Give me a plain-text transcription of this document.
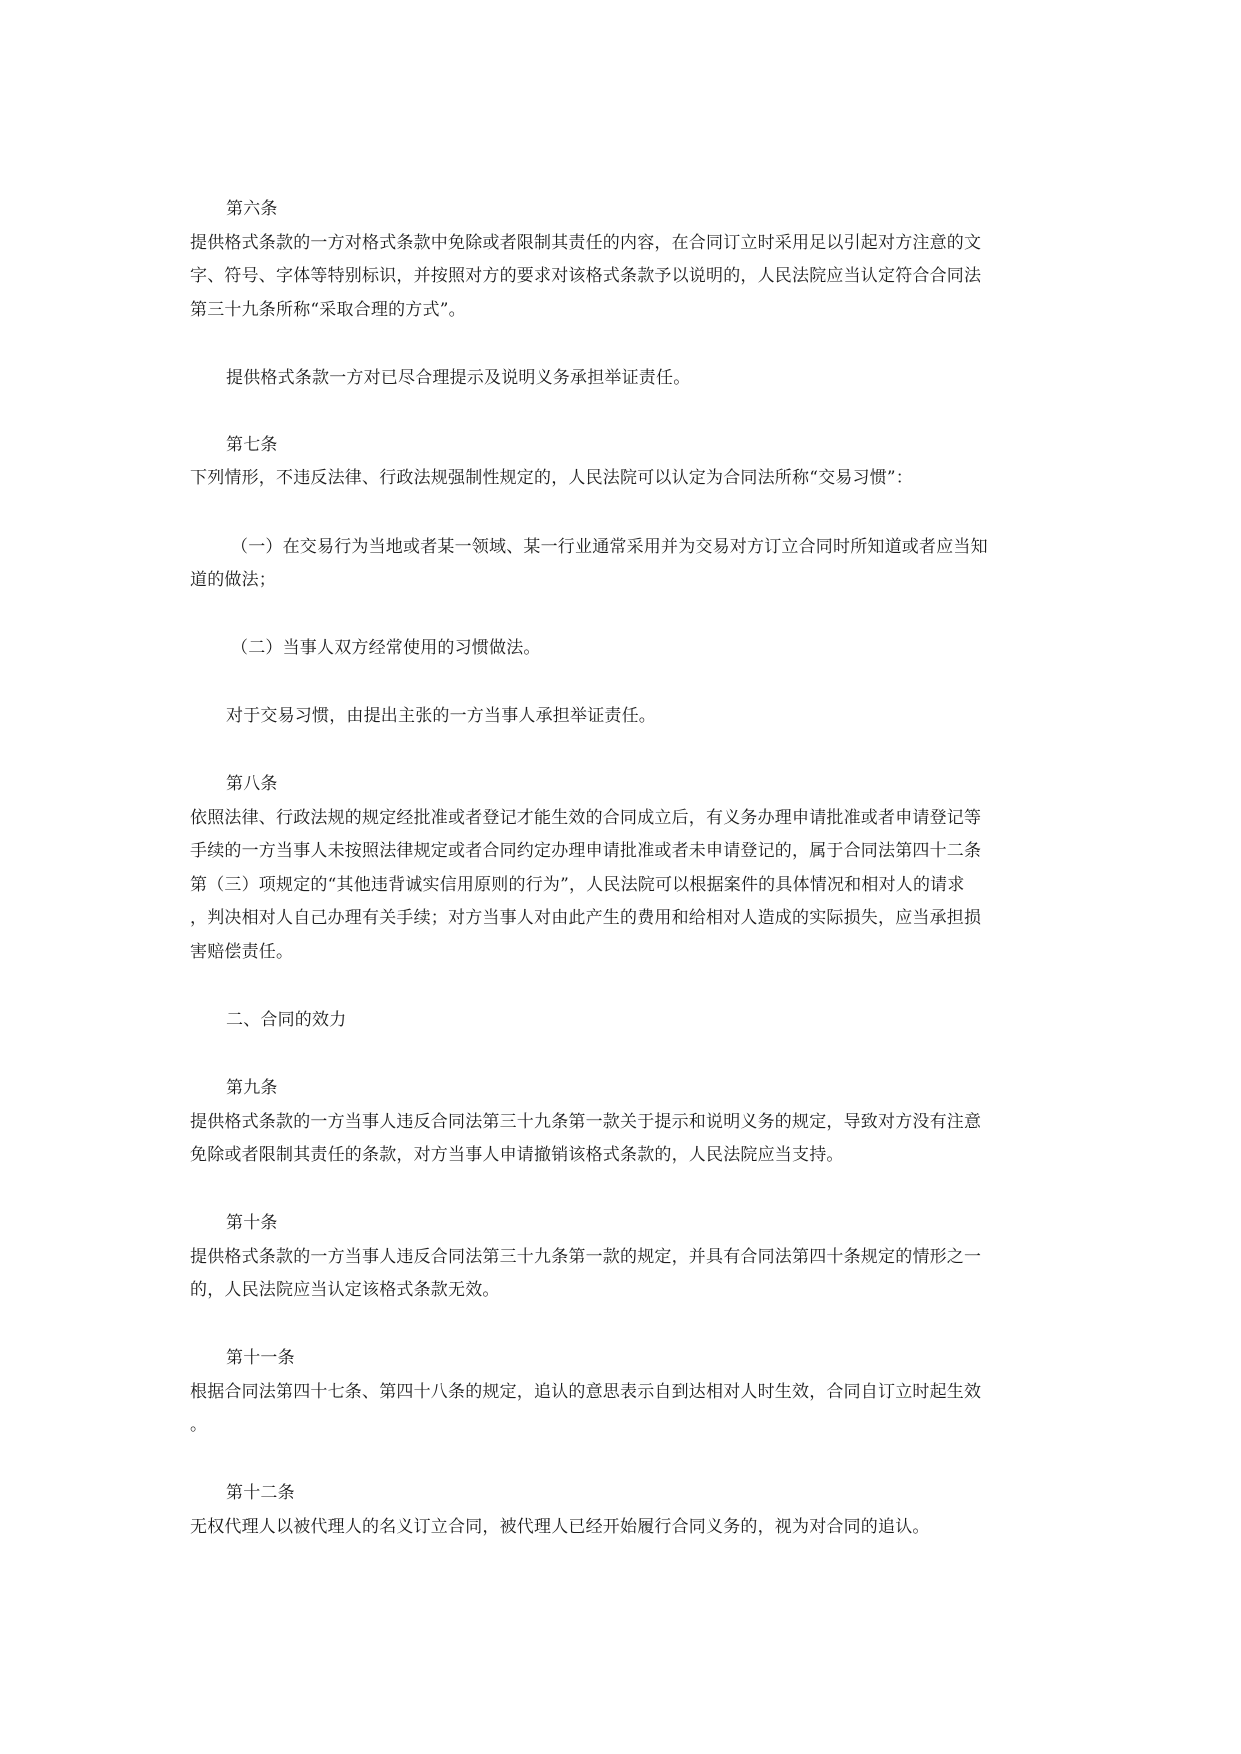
第六条
提供格式条款的一方对格式条款中免除或者限制其责任的内容，在合同订立时采用足以引起对方注意的文
字、符号、字体等特别标识，并按照对方的要求对该格式条款予以说明的，人民法院应当认定符合合同法
第三十九条所称“采取合理的方式”。
提供格式条款一方对已尽合理提示及说明义务承担举证责任。
第七条
下列情形，不违反法律、行政法规强制性规定的，人民法院可以认定为合同法所称“交易习惯”：
（一）在交易行为当地或者某一领域、某一行业通常采用并为交易对方订立合同时所知道或者应当知
道的做法；
（二）当事人双方经常使用的习惯做法。
对于交易习惯，由提出主张的一方当事人承担举证责任。
第八条
依照法律、行政法规的规定经批准或者登记才能生效的合同成立后，有义务办理申请批准或者申请登记等
手续的一方当事人未按照法律规定或者合同约定办理申请批准或者未申请登记的，属于合同法第四十二条
第（三）项规定的“其他违背诚实信用原则的行为”，人民法院可以根据案件的具体情况和相对人的请求
，判决相对人自己办理有关手续；对方当事人对由此产生的费用和给相对人造成的实际损失，应当承担损
害赔偿责任。
二、合同的效力
第九条
提供格式条款的一方当事人违反合同法第三十九条第一款关于提示和说明义务的规定，导致对方没有注意
免除或者限制其责任的条款，对方当事人申请撤销该格式条款的，人民法院应当支持。
第十条
提供格式条款的一方当事人违反合同法第三十九条第一款的规定，并具有合同法第四十条规定的情形之一
的，人民法院应当认定该格式条款无效。
第十一条
根据合同法第四十七条、第四十八条的规定，追认的意思表示自到达相对人时生效，合同自订立时起生效
。
第十二条
无权代理人以被代理人的名义订立合同，被代理人已经开始履行合同义务的，视为对合同的追认。
